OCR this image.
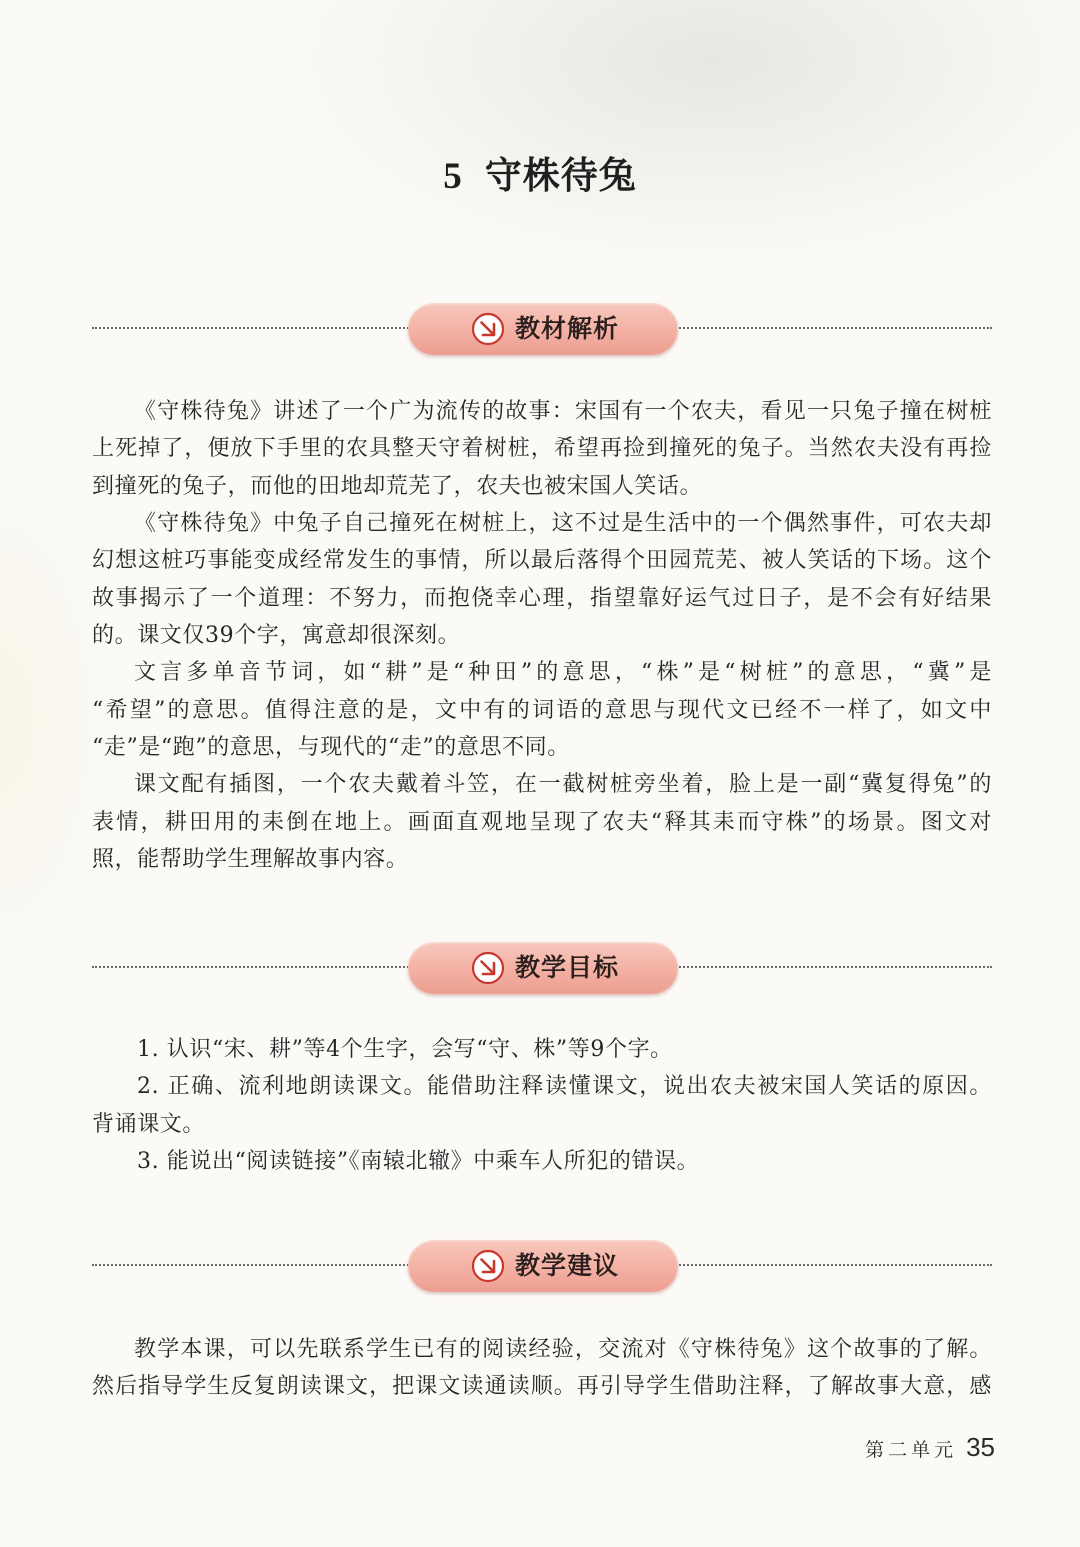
5 守株待兔
教材解析
《守株待兔》讲述了一个广为流传的故事：宋国有一个农夫，看见一只兔子撞在树桩
上死掉了，便放下手里的农具整天守着树桩，希望再捡到撞死的兔子。当然农夫没有再捡
到撞死的兔子，而他的田地却荒芜了，农夫也被宋国人笑话。
《守株待兔》中兔子自己撞死在树桩上，这不过是生活中的一个偶然事件，可农夫却
幻想这桩巧事能变成经常发生的事情，所以最后落得个田园荒芜、被人笑话的下场。这个
故事揭示了一个道理：不努力，而抱侥幸心理，指望靠好运气过日子，是不会有好结果
的。课文仅39个字，寓意却很深刻。
文言多单音节词，如“耕”是“种田”的意思，“株”是“树桩”的意思，“冀”是
“希望”的意思。值得注意的是，文中有的词语的意思与现代文已经不一样了，如文中
“走”是“跑”的意思，与现代的“走”的意思不同。
课文配有插图，一个农夫戴着斗笠，在一截树桩旁坐着，脸上是一副“冀复得兔”的
表情，耕田用的耒倒在地上。画面直观地呈现了农夫“释其耒而守株”的场景。图文对
照，能帮助学生理解故事内容。
教学目标
1. 认识“宋、耕”等4个生字，会写“守、株”等9个字。
2. 正确、流利地朗读课文。能借助注释读懂课文，说出农夫被宋国人笑话的原因。
背诵课文。
3. 能说出“阅读链接”《南辕北辙》中乘车人所犯的错误。
教学建议
教学本课，可以先联系学生已有的阅读经验，交流对《守株待兔》这个故事的了解。
然后指导学生反复朗读课文，把课文读通读顺。再引导学生借助注释，了解故事大意，感
第二单元 35
